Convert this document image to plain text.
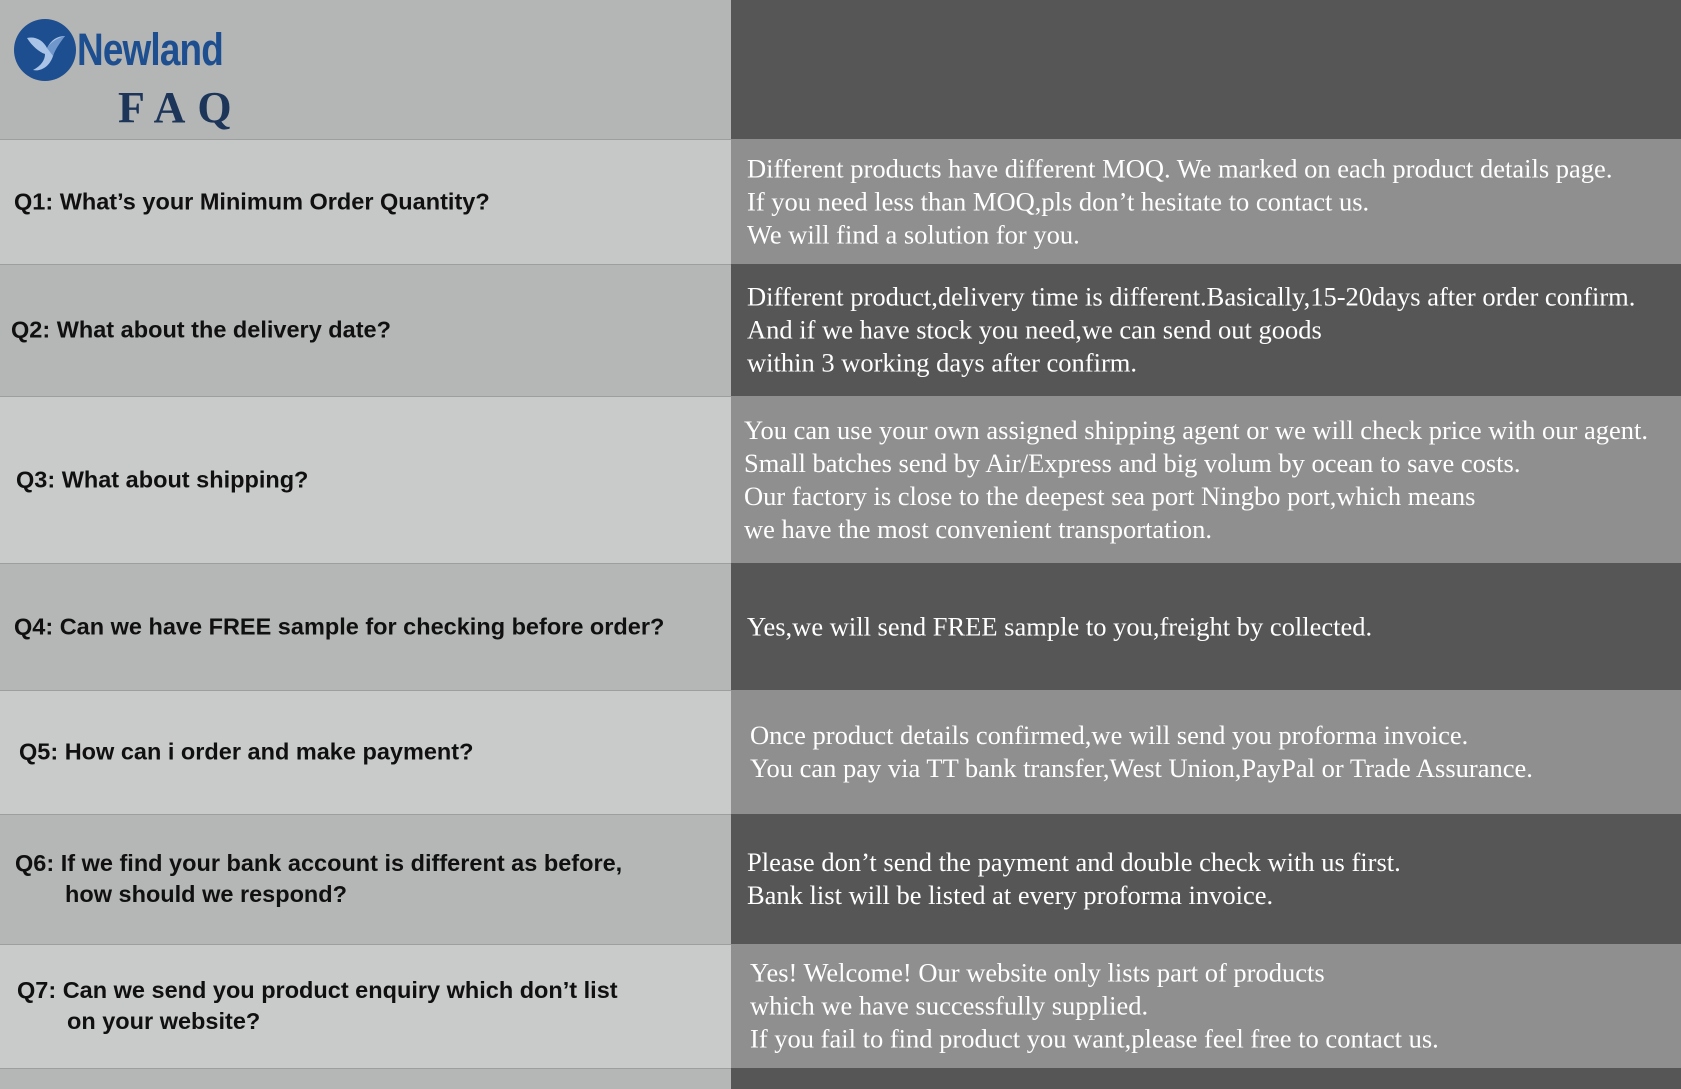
Newland
FAQ
Q1: What’s your Minimum Order Quantity?
Different products have different MOQ. We marked on each product details page.
If you need less than MOQ,pls don’t hesitate to contact us.
We will find a solution for you.
Q2: What about the delivery date?
Different product,delivery time is different.Basically,15-20days after order confirm.
And if we have stock you need,we can send out goods
within 3 working days after confirm.
Q3: What about shipping?
You can use your own assigned shipping agent or we will check price with our agent.
Small batches send by Air/Express and big volum by ocean to save costs.
Our factory is close to the deepest sea port Ningbo port,which means
we have the most convenient transportation.
Q4: Can we have FREE sample for checking before order?	Yes,we will send FREE sample to you,freight by collected.
Q5: How can i order and make payment?
Once product details confirmed,we will send you proforma invoice.
You can pay via TT bank transfer,West Union,PayPal or Trade Assurance.
Q6: If we find your bank account is different as before,
how should we respond?
Please don’t send the payment and double check with us first.
Bank list will be listed at every proforma invoice.
Q7: Can we send you product enquiry which don’t list
on your website?
Yes! Welcome! Our website only lists part of products
which we have successfully supplied.
If you fail to find product you want,please feel free to contact us.
